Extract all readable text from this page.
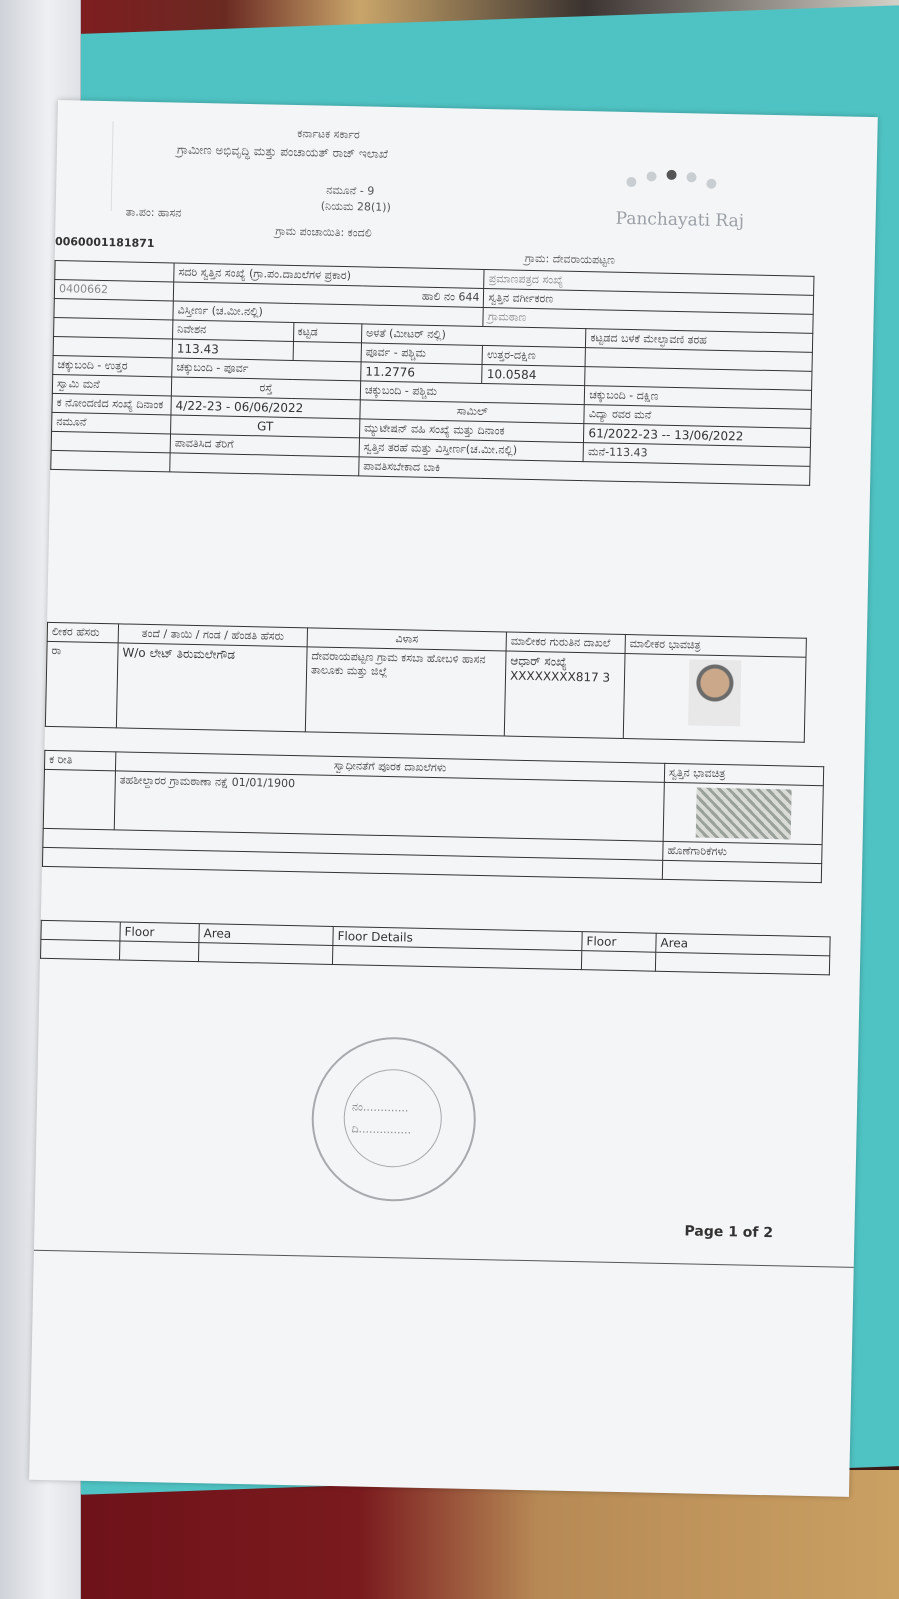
ಕರ್ನಾಟಕ ಸರ್ಕಾರ
ಗ್ರಾಮೀಣ ಅಭಿವೃದ್ಧಿ ಮತ್ತು ಪಂಚಾಯತ್ ರಾಜ್ ಇಲಾಖೆ
ನಮೂನೆ - 9
(ನಿಯಮ 28(1))
ತಾ.ಪಂ: ಹಾಸನ
ಗ್ರಾಮ ಪಂಚಾಯಿತಿ: ಕಂದಲಿ
ಗ್ರಾಮ: ದೇವರಾಯಪಟ್ಟಣ
0060001181871
Panchayati Raj
	ಸದರಿ ಸ್ವತ್ತಿನ ಸಂಖ್ಯೆ (ಗ್ರಾ.ಪಂ.ದಾಖಲೆಗಳ ಪ್ರಕಾರ)			ಪ್ರಮಾಣಪತ್ರದ ಸಂಖ್ಯೆ	
0400662	ಹಾಲಿ ನಂ 644			ಸ್ವತ್ತಿನ ವರ್ಗೀಕರಣ	
	ವಿಸ್ತೀರ್ಣ (ಚ.ಮೀ.ನಲ್ಲಿ)			ಗ್ರಾಮಠಾಣ	
	ನಿವೇಶನ	ಕಟ್ಟಡ	ಅಳತೆ (ಮೀಟರ್ ನಲ್ಲಿ)		ಕಟ್ಟಡದ ಬಳಕೆ ಮೇಲ್ಛಾವಣಿ ತರಹ
	113.43		ಪೂರ್ವ - ಪಶ್ಚಿಮ	ಉತ್ತರ-ದಕ್ಷಿಣ	
ಚಕ್ಕುಬಂದಿ - ಉತ್ತರ	ಚಕ್ಕುಬಂದಿ - ಪೂರ್ವ		11.2776	10.0584	
ಸ್ವಾಮಿ ಮನೆ	ರಸ್ತೆ		ಚಕ್ಕುಬಂದಿ - ಪಶ್ಚಿಮ		ಚಕ್ಕುಬಂದಿ - ದಕ್ಷಿಣ
ಕ ನೋಂದಣಿದ ಸಂಖ್ಯೆ ದಿನಾಂಕ	4/22-23 - 06/06/2022		ಸಾಮಿಲ್		ವಿದ್ಯಾ ರವರ ಮನೆ
ನಮೂನೆ	GT		ಮ್ಯುಟೇಷನ್ ವಹಿ ಸಂಖ್ಯೆ ಮತ್ತು ದಿನಾಂಕ		61/2022-23 -- 13/06/2022
	ಪಾವತಿಸಿದ ತೆರಿಗೆ		ಸ್ವತ್ತಿನ ತರಹೆ ಮತ್ತು ವಿಸ್ತೀರ್ಣ(ಚ.ಮೀ.ನಲ್ಲಿ)		ಮನೆ-113.43
			ಪಾವತಿಸಬೇಕಾದ ಬಾಕಿ		
ಲೀಕರ ಹೆಸರು	ತಂದೆ / ತಾಯಿ / ಗಂಡ / ಹೆಂಡತಿ ಹೆಸರು	ವಿಳಾಸ	ಮಾಲೀಕರ ಗುರುತಿನ ದಾಖಲೆ	ಮಾಲೀಕರ ಭಾವಚಿತ್ರ
ರಾ	W/o ಲೇಟ್ ತಿರುಮಲೇಗೌಡ	ದೇವರಾಯಪಟ್ಟಣ ಗ್ರಾಮ ಕಸಬಾ ಹೋಬಳಿ ಹಾಸನ ತಾಲೂಕು ಮತ್ತು ಜಿಲ್ಲೆ	ಆಧಾರ್ ಸಂಖ್ಯೆ XXXXXXXX817 3	
ಕ ರೀತಿ	ಸ್ವಾಧೀನತೆಗೆ ಪೂರಕ ದಾಖಲೆಗಳು	ಸ್ವತ್ತಿನ ಭಾವಚಿತ್ರ
	ತಹಶೀಲ್ದಾರರ ಗ್ರಾಮಠಾಣಾ ನಕ್ಷೆ 01/01/1900	

		ಹೊಣೆಗಾರಿಕೆಗಳು

	Floor	Area	Floor Details	Floor	Area

ನಂ.............
ದಿ...............
Page 1 of 2
